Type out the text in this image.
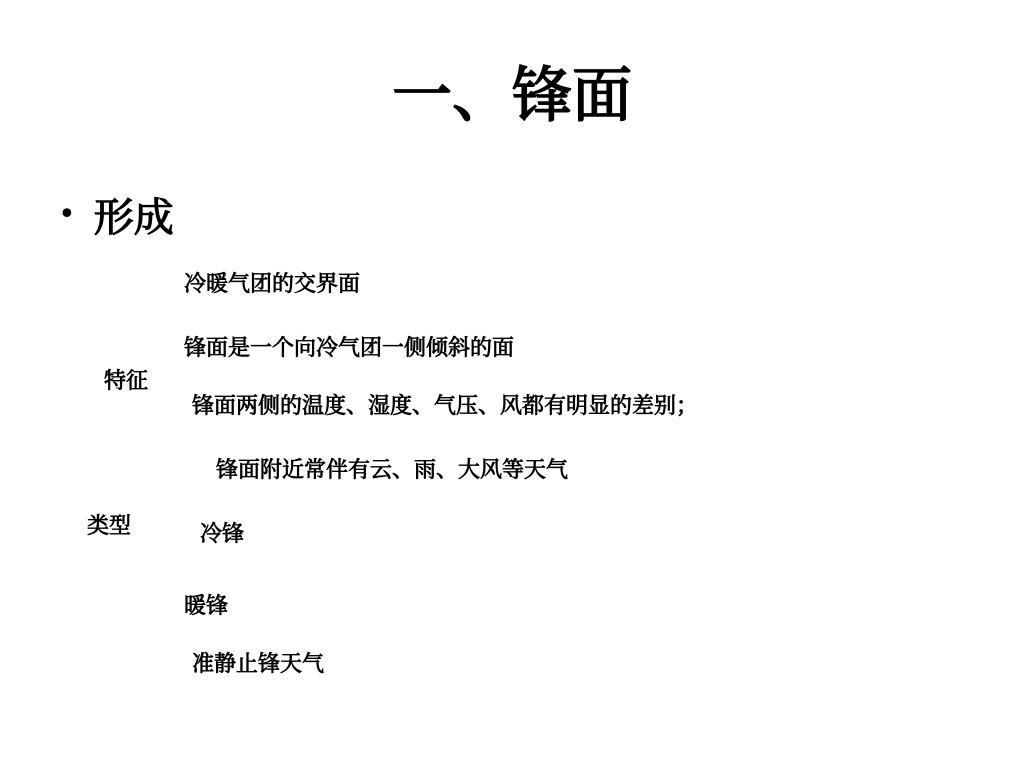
一、锋面
• 形成
冷暖气团的交界面
锋面是一个向冷气团一侧倾斜的面
特征
锋面两侧的温度、湿度、气压、风都有明显的差别；
锋面附近常伴有云、雨、大风等天气
类型	冷锋
暖锋
准静止锋天气
